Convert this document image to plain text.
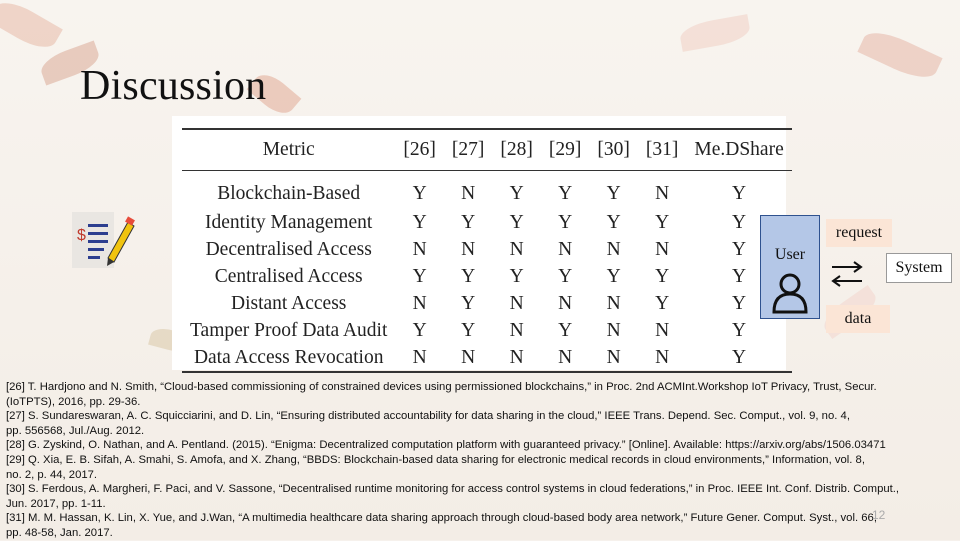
Discussion
$
Metric	[26]	[27]	[28]	[29]	[30]	[31]	Me.DShare
Blockchain-Based	Y	N	Y	Y	Y	N	Y
Identity Management	Y	Y	Y	Y	Y	Y	Y
Decentralised Access	N	N	N	N	N	N	Y
Centralised Access	Y	Y	Y	Y	Y	Y	Y
Distant Access	N	Y	N	N	N	Y	Y
Tamper Proof Data Audit	Y	Y	N	Y	N	N	Y
Data Access Revocation	N	N	N	N	N	N	Y
User
request
System
data
[26] T. Hardjono and N. Smith, “Cloud-based commissioning of constrained devices using permissioned blockchains,” in Proc. 2nd ACMInt.Workshop IoT Privacy, Trust, Secur.
(IoTPTS), 2016, pp. 29-36.
[27] S. Sundareswaran, A. C. Squicciarini, and D. Lin, “Ensuring distributed accountability for data sharing in the cloud,” IEEE Trans. Depend. Sec. Comput., vol. 9, no. 4,
pp. 556568, Jul./Aug. 2012.
[28] G. Zyskind, O. Nathan, and A. Pentland. (2015). “Enigma: Decentralized computation platform with guaranteed privacy.” [Online]. Available: https://arxiv.org/abs/1506.03471
[29] Q. Xia, E. B. Sifah, A. Smahi, S. Amofa, and X. Zhang, “BBDS: Blockchain-based data sharing for electronic medical records in cloud environments,” Information, vol. 8,
no. 2, p. 44, 2017.
[30] S. Ferdous, A. Margheri, F. Paci, and V. Sassone, “Decentralised runtime monitoring for access control systems in cloud federations,” in Proc. IEEE Int. Conf. Distrib. Comput.,
Jun. 2017, pp. 1-11.
[31] M. M. Hassan, K. Lin, X. Yue, and J.Wan, “A multimedia healthcare data sharing approach through cloud-based body area network,” Future Gener. Comput. Syst., vol. 66,
pp. 48-58, Jan. 2017.
12
